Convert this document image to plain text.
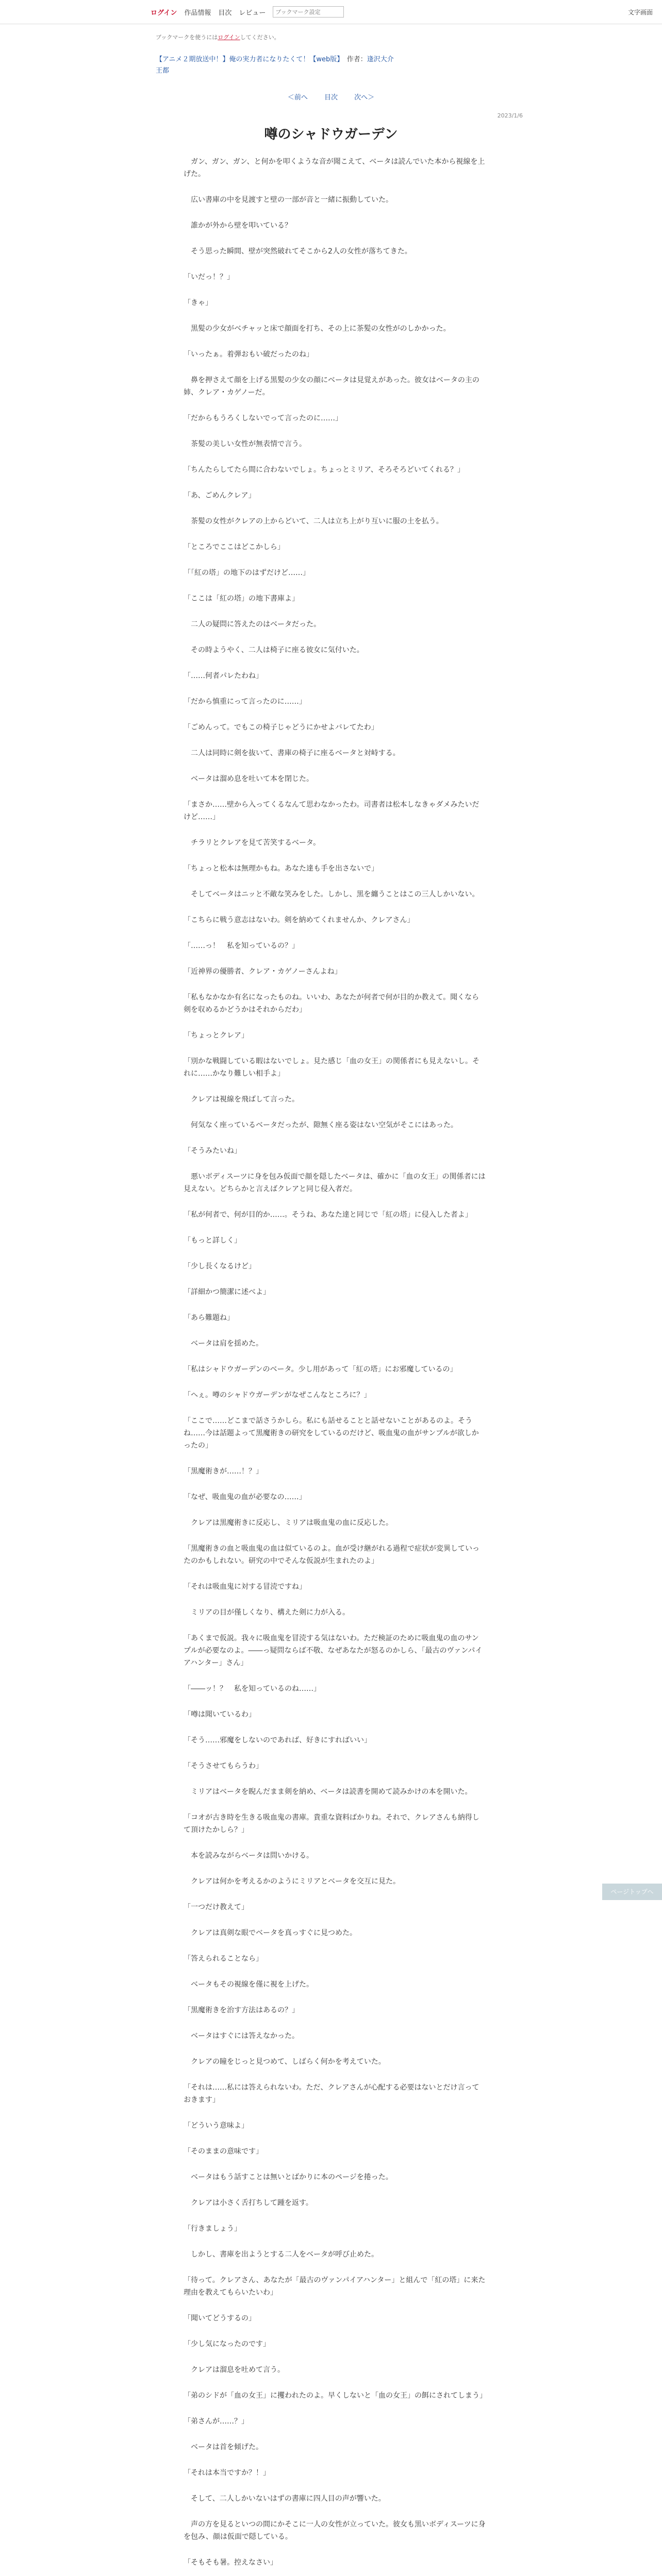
ログイン 作品情報 目次 レビュー
ブックマーク設定	文字画面
ブックマークを使うにはログインしてください。
【アニメ２期放送中！】俺の実力者になりたくて！【web版】　作者：逢沢大介
王都
＜前へ 目次 次へ＞
2023/1/6
噂のシャドウガーデン

　ガン、ガン、ガン、と何かを叩くような音が聞こえて、ベータは読んでいた本から視線を上げた。

　広い書庫の中を見渡すと壁の一部が音と一緒に振動していた。

　誰かが外から壁を叩いている？

　そう思った瞬間、壁が突然破れてそこから2人の女性が落ちてきた。

「いだっ！？」

「きゃ」

　黒髪の少女がベチャッと床で顔面を打ち、その上に茶髪の女性がのしかかった。

「いったぁ。着弾おもい破だったのね」

　鼻を押さえて顔を上げる黒髪の少女の顔にベータは見覚えがあった。彼女はベータの主の姉、クレア・カゲノーだ。

「だからもうろくしないでって言ったのに……」

　茶髪の美しい女性が無表情で言う。

「ちんたらしてたら間に合わないでしょ。ちょっとミリア、そろそろどいてくれる？」

「あ、ごめんクレア」

　茶髪の女性がクレアの上からどいて、二人は立ち上がり互いに服の土を払う。

「ところでここはどこかしら」

「「紅の塔」の地下のはずだけど……」

「ここは「紅の塔」の地下書庫よ」

　二人の疑問に答えたのはベータだった。

　その時ようやく、二人は椅子に座る彼女に気付いた。

「……何者パレたわね」

「だから慎重にって言ったのに……」

「ごめんって。でもこの椅子じゃどうにかせよバレてたわ」

　二人は同時に剣を抜いて、書庫の椅子に座るベータと対峙する。

　ベータは溜め息を吐いて本を閉じた。

「まさか……壁から入ってくるなんて思わなかったわ。司書者は松本しなきゃダメみたいだけど……」

　チラリとクレアを見て苦笑するベータ。

「ちょっと松本は無理かもね。あなた達も手を出さないで」

　そしてベータはニッと不敵な笑みをした。しかし、黒を纏うことはこの三人しかいない。

「こちらに戦う意志はないわ。剣を納めてくれませんか、クレアさん」

「……っ！　私を知っているの？」

「近神界の優勝者、クレア・カゲノーさんよね」

「私もなかなか有名になったものね。いいわ、あなたが何者で何が目的か教えて。聞くなら剣を収めるかどうかはそれからだわ」

「ちょっとクレア」

「別かな戦闘している暇はないでしょ。見た感じ「血の女王」の関係者にも見えないし。それに……かなり難しい相手よ」

　クレアは視線を飛ばして言った。

　何気なく座っているベータだったが、隙無く座る姿はない空気がそこにはあった。

「そうみたいね」

　悪いボディスーツに身を包み仮面で顔を隠したベータは、確かに「血の女王」の関係者には見えない。どちらかと言えばクレアと同じ侵入者だ。

「私が何者で、何が目的か……。そうね、あなた達と同じで「紅の塔」に侵入した者よ」

「もっと詳しく」

「少し長くなるけど」

「詳細かつ簡潔に述べよ」

「あら難題ね」

　ベータは肩を揺めた。

「私はシャドウガーデンのベータ。少し用があって「紅の塔」にお邪魔しているの」

「へぇ。噂のシャドウガーデンがなぜこんなところに？」

「ここで……どこまで話さうかしら。私にも話せることと話せないことがあるのよ。そうね……今は話題よって黒魔術きの研究をしているのだけど、吸血鬼の血がサンプルが欲しかったの」

「黒魔術きが……！？」

「なぜ、吸血鬼の血が必要なの……」

　クレアは黒魔術きに反応し、ミリアは吸血鬼の血に反応した。

「黒魔術きの血と吸血鬼の血は似ているのよ。血が受け継がれる過程で症状が変異していったのかもしれない。研究の中でそんな仮説が生まれたのよ」

「それは吸血鬼に対する冒涜ですね」

　ミリアの目が僅しくなり、構えた剣に力が入る。

「あくまで仮説。我々に吸血鬼を冒涜する気はないわ。ただ検証のために吸血鬼の血のサンプルが必要なのよ。――っ疑問ならば不敬、なぜあなたが怒るのかしら、「最古のヴァンパイアハンター」さん」

「――ッ！？　私を知っているのね……」

「噂は聞いているわ」

「そう……邪魔をしないのであれば、好きにすればいい」

「そうさせてもらうわ」

　ミリアはベータを睨んだまま剣を納め、ベータは読書を開めて読みかけの本を開いた。

「コオが古き時を生きる吸血鬼の書庫。貴重な資料ばかりね。それで、クレアさんも納得して頂けたかしら？」

　本を読みながらベータは問いかける。

　クレアは何かを考えるかのようにミリアとベータを交互に見た。

「一つだけ教えて」

　クレアは真剣な眼でベータを真っすぐに見つめた。

「答えられることなら」

　ベータもその視線を僅に視を上げた。

「黒魔術きを治す方法はあるの？」

　ベータはすぐには答えなかった。

　クレアの瞳をじっと見つめて、しばらく何かを考えていた。

「それは……私には答えられないわ。ただ、クレアさんが心配する必要はないとだけ言っておきます」

「どういう意味よ」

「そのままの意味です」

　ベータはもう話すことは無いとばかりに本のページを捲った。

　クレアは小さく舌打ちして踵を返す。

「行きましょう」

　しかし、書庫を出ようとする二人をベータが呼び止めた。

「待って。クレアさん、あなたが「最古のヴァンパイアハンター」と組んで「紅の塔」に来た理由を教えてもらいたいわ」

「聞いてどうするの」

「少し気になったのです」

　クレアは溜息を吐めて言う。

「弟のシドが「血の女王」に攫われたのよ。早くしないと「血の女王」の餌にされてしまう」

「弟さんが……？」

　ベータは首を傾げた。

「それは本当ですか？！」

　そして、二人しかいないはずの書庫に四人目の声が響いた。

　声の方を見るといつの間にかそこに一人の女性が立っていた。彼女も黒いボディスーツに身を包み、顔は仮面で隠している。

「そもそも暑。控えなさい」

ページトップへ
